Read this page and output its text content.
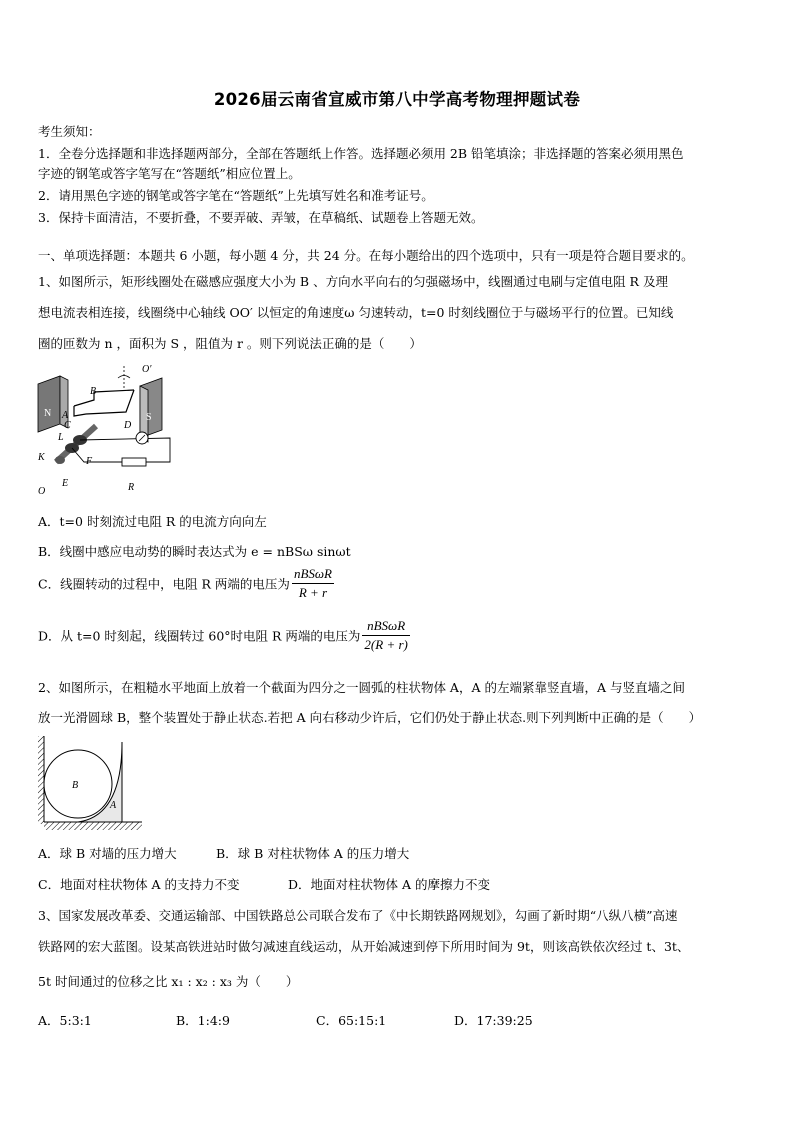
2026届云南省宣威市第八中学高考物理押题试卷
考生须知：
1．全卷分选择题和非选择题两部分，全部在答题纸上作答。选择题必须用 2B 铅笔填涂；非选择题的答案必须用黑色
字迹的钢笔或答字笔写在“答题纸”相应位置上。
2．请用黑色字迹的钢笔或答字笔在“答题纸”上先填写姓名和准考证号。
3．保持卡面清洁，不要折叠，不要弄破、弄皱，在草稿纸、试题卷上答题无效。
一、单项选择题：本题共 6 小题，每小题 4 分，共 24 分。在每小题给出的四个选项中，只有一项是符合题目要求的。
1、如图所示，矩形线圈处在磁感应强度大小为 B 、方向水平向右的匀强磁场中，线圈通过电刷与定值电阻 R 及理
想电流表相连接，线圈绕中心轴线 OO′ 以恒定的角速度ω 匀速转动，t=0 时刻线圈位于与磁场平行的位置。已知线
圈的匝数为 n ，面积为 S ，阻值为 r 。则下列说法正确的是（　　）
O′
B
N A	S
C	D
L
F
K
E
O	R
A．t=0 时刻流过电阻 R 的电流方向向左
B．线圈中感应电动势的瞬时表达式为 e = nBSω sinωt
C．线圈转动的过程中，电阻 R 两端的电压为 $\frac{\text{nBSωR}}{R + r}$
D．从 t=0 时刻起，线圈转过 60°时电阻 R 两端的电压为 $\frac{\text{nBSωR}}{2(R + r)}$
2、如图所示，在粗糙水平地面上放着一个截面为四分之一圆弧的柱状物体 A，A 的左端紧靠竖直墙，A 与竖直墙之间
放一光滑圆球 B，整个装置处于静止状态.若把 A 向右移动少许后，它们仍处于静止状态.则下列判断中正确的是（　　）
B
A
A．球 B 对墙的压力增大	B．球 B 对柱状物体 A 的压力增大
C．地面对柱状物体 A 的支持力不变	D．地面对柱状物体 A 的摩擦力不变
3、国家发展改革委、交通运输部、中国铁路总公司联合发布了《中长期铁路网规划》，勾画了新时期“八纵八横”高速
铁路网的宏大蓝图。设某高铁进站时做匀减速直线运动，从开始减速到停下所用时间为 9t，则该高铁依次经过 t、3t、
5t 时间通过的位移之比 x₁ : x₂ : x₃ 为（　　）
A．5:3:1	B．1:4:9	C．65:15:1	D．17:39:25
